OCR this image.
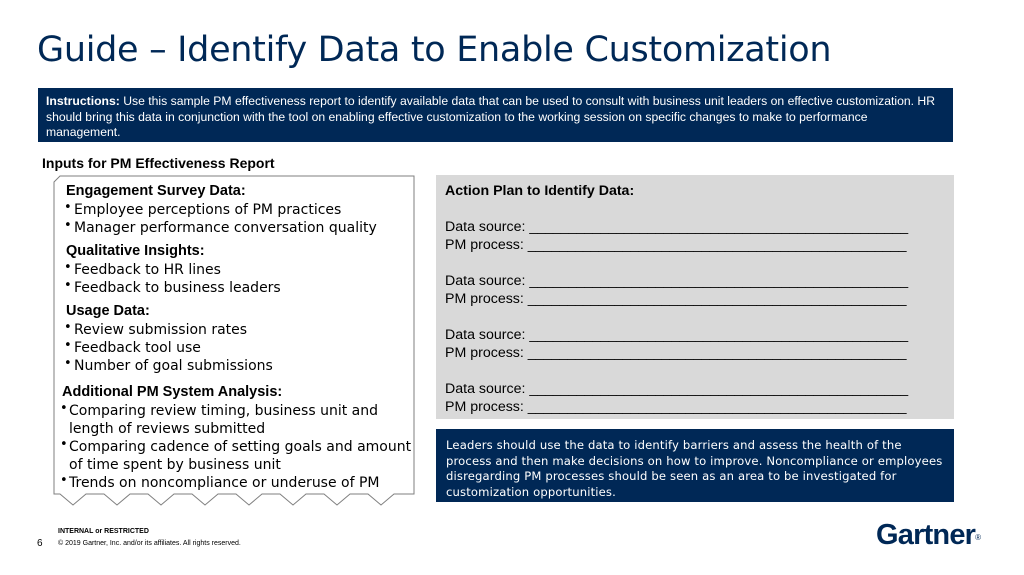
Guide – Identify Data to Enable Customization
Instructions: Use this sample PM effectiveness report to identify available data that can be used to consult with business unit leaders on effective customization. HR should bring this data in conjunction with the tool on enabling effective customization to the working session on specific changes to make to performance management.
Inputs for PM Effectiveness Report
Engagement Survey Data:
• Employee perceptions of PM practices
• Manager performance conversation quality
Qualitative Insights:
• Feedback to HR lines
• Feedback to business leaders
Usage Data:
• Review submission rates
• Feedback tool use
• Number of goal submissions
Additional PM System Analysis:
• Comparing review timing, business unit and length of reviews submitted
• Comparing cadence of setting goals and amount of time spent by business unit
• Trends on noncompliance or underuse of PM
Action Plan to Identify Data:
Data source: ________________________________________________
PM process: ________________________________________________
Data source: ________________________________________________
PM process: ________________________________________________
Data source: ________________________________________________
PM process: ________________________________________________
Data source: ________________________________________________
PM process: ________________________________________________
Leaders should use the data to identify barriers and assess the health of the process and then make decisions on how to improve. Noncompliance or employees disregarding PM processes should be seen as an area to be investigated for customization opportunities.
INTERNAL or RESTRICTED
6 © 2019 Gartner, Inc. and/or its affiliates. All rights reserved.	Gartner®
